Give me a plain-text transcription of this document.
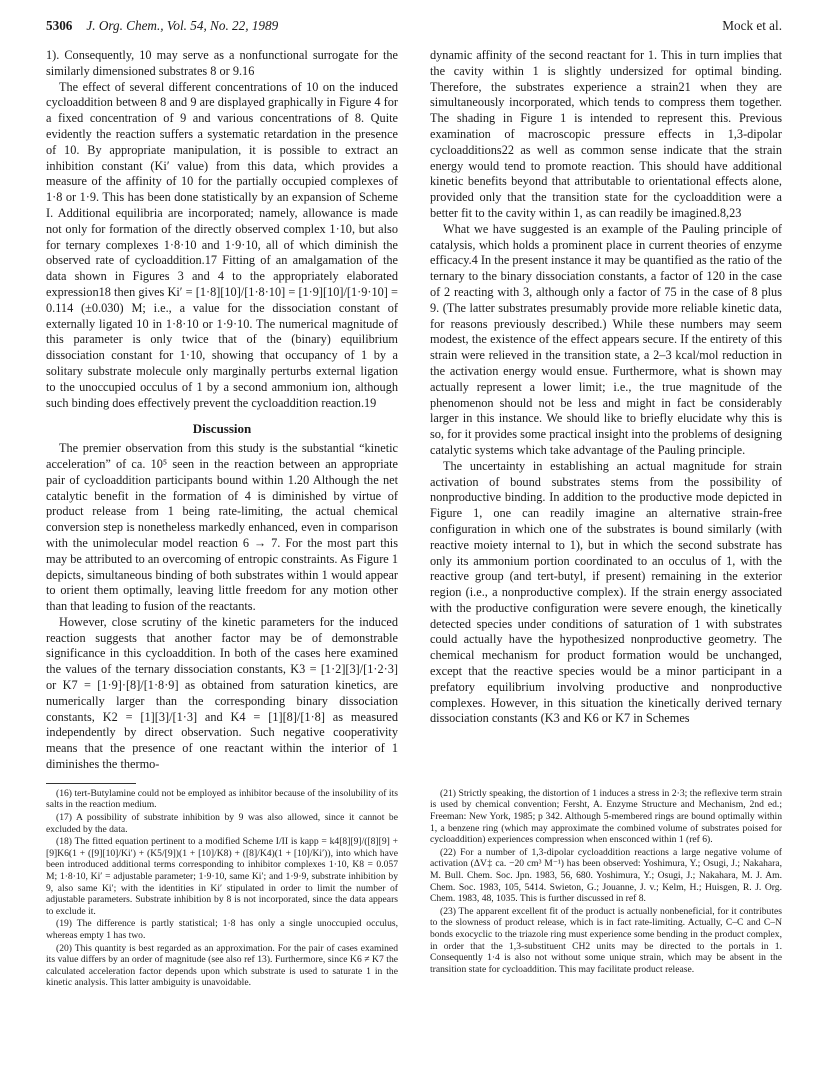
5306 J. Org. Chem., Vol. 54, No. 22, 1989	Mock et al.

1). Consequently, 10 may serve as a nonfunctional surrogate for the similarly dimensioned substrates 8 or 9.16

The effect of several different concentrations of 10 on the induced cycloaddition between 8 and 9 are displayed graphically in Figure 4 for a fixed concentration of 9 and various concentrations of 8. Quite evidently the reaction suffers a systematic retardation in the presence of 10. By appropriate manipulation, it is possible to extract an inhibition constant (Ki′ value) from this data, which provides a measure of the affinity of 10 for the partially occupied complexes of 1·8 or 1·9. This has been done statistically by an expansion of Scheme I. Additional equilibria are incorporated; namely, allowance is made not only for formation of the directly observed complex 1·10, but also for ternary complexes 1·8·10 and 1·9·10, all of which diminish the observed rate of cycloaddition.17 Fitting of an amalgamation of the data shown in Figures 3 and 4 to the appropriately elaborated expression18 then gives Ki′ = [1·8][10]/[1·8·10] = [1·9][10]/[1·9·10] = 0.114 (±0.030) M; i.e., a value for the dissociation constant of externally ligated 10 in 1·8·10 or 1·9·10. The numerical magnitude of this parameter is only twice that of the (binary) equilibrium dissociation constant for 1·10, showing that occupancy of 1 by a solitary substrate molecule only marginally perturbs external ligation to the unoccupied occulus of 1 by a second ammonium ion, although such binding does effectively prevent the cycloaddition reaction.19

Discussion

The premier observation from this study is the substantial “kinetic acceleration” of ca. 10⁵ seen in the reaction between an appropriate pair of cycloaddition participants bound within 1.20 Although the net catalytic benefit in the formation of 4 is diminished by virtue of product release from 1 being rate-limiting, the actual chemical conversion step is nonetheless markedly enhanced, even in comparison with the unimolecular model reaction 6 → 7. For the most part this may be attributed to an overcoming of entropic constraints. As Figure 1 depicts, simultaneous binding of both substrates within 1 would appear to orient them optimally, leaving little freedom for any motion other than that leading to fusion of the reactants.

However, close scrutiny of the kinetic parameters for the induced reaction suggests that another factor may be of demonstrable significance in this cycloaddition. In both of the cases here examined the values of the ternary dissociation constants, K3 = [1·2][3]/[1·2·3] or K7 = [1·9]·[8]/[1·8·9] as obtained from saturation kinetics, are numerically larger than the corresponding binary dissociation constants, K2 = [1][3]/[1·3] and K4 = [1][8]/[1·8] as measured independently by direct observation. Such negative cooperativity means that the presence of one reactant within the interior of 1 diminishes the thermo-

dynamic affinity of the second reactant for 1. This in turn implies that the cavity within 1 is slightly undersized for optimal binding. Therefore, the substrates experience a strain21 when they are simultaneously incorporated, which tends to compress them together. The shading in Figure 1 is intended to represent this. Previous examination of macroscopic pressure effects in 1,3-dipolar cycloadditions22 as well as common sense indicate that the strain energy would tend to promote reaction. This should have additional kinetic benefits beyond that attributable to orientational effects alone, provided only that the transition state for the cycloaddition were a better fit to the cavity within 1, as can readily be imagined.8,23

What we have suggested is an example of the Pauling principle of catalysis, which holds a prominent place in current theories of enzyme efficacy.4 In the present instance it may be quantified as the ratio of the ternary to the binary dissociation constants, a factor of 120 in the case of 2 reacting with 3, although only a factor of 75 in the case of 8 plus 9. (The latter substrates presumably provide more reliable kinetic data, for reasons previously described.) While these numbers may seem modest, the existence of the effect appears secure. If the entirety of this strain were relieved in the transition state, a 2–3 kcal/mol reduction in the activation energy would ensue. Furthermore, what is shown may actually represent a lower limit; i.e., the true magnitude of the phenomenon should not be less and might in fact be considerably larger in this instance. We should like to briefly elucidate why this is so, for it provides some practical insight into the problems of designing catalytic systems which take advantage of the Pauling principle.

The uncertainty in establishing an actual magnitude for strain activation of bound substrates stems from the possibility of nonproductive binding. In addition to the productive mode depicted in Figure 1, one can readily imagine an alternative strain-free configuration in which one of the substrates is bound similarly (with reactive moiety internal to 1), but in which the second substrate has only its ammonium portion coordinated to an occulus of 1, with the reactive group (and tert-butyl, if present) remaining in the exterior region (i.e., a nonproductive complex). If the strain energy associated with the productive configuration were severe enough, the kinetically detected species under conditions of saturation of 1 with substrates could actually have the hypothesized nonproductive geometry. The chemical mechanism for product formation would be unchanged, except that the reactive species would be a minor participant in a prefatory equilibrium involving productive and nonproductive complexes. However, in this situation the kinetically derived ternary dissociation constants (K3 and K6 or K7 in Schemes

(16) tert-Butylamine could not be employed as inhibitor because of the insolubility of its salts in the reaction medium.

(17) A possibility of substrate inhibition by 9 was also allowed, since it cannot be excluded by the data.

(18) The fitted equation pertinent to a modified Scheme I/II is kapp = k4[8][9]/([8][9] + [9]K6(1 + ([9][10]/Ki′) + (K5/[9])(1 + [10]/K8) + ([8]/K4)(1 + [10]/Ki′)), into which have been introduced additional terms corresponding to inhibitor complexes 1·10, K8 = 0.057 M; 1·8·10, Ki′ = adjustable parameter; 1·9·10, same Ki′; and 1·9·9, substrate inhibition by 9, also same Ki′; with the identities in Ki′ stipulated in order to limit the number of adjustable parameters. Substrate inhibition by 8 is not incorporated, since the data appears to exclude it.

(19) The difference is partly statistical; 1·8 has only a single unoccupied occulus, whereas empty 1 has two.

(20) This quantity is best regarded as an approximation. For the pair of cases examined its value differs by an order of magnitude (see also ref 13). Furthermore, since K6 ≠ K7 the calculated acceleration factor depends upon which substrate is used to saturate 1 in the kinetic analysis. This latter ambiguity is unavoidable.

(21) Strictly speaking, the distortion of 1 induces a stress in 2·3; the reflexive term strain is used by chemical convention; Fersht, A. Enzyme Structure and Mechanism, 2nd ed.; Freeman: New York, 1985; p 342. Although 5-membered rings are bound optimally within 1, a benzene ring (which may approximate the combined volume of substrates poised for cycloaddition) experiences compression when ensconced within 1 (ref 6).

(22) For a number of 1,3-dipolar cycloaddition reactions a large negative volume of activation (ΔV‡ ca. −20 cm³ M⁻¹) has been observed: Yoshimura, Y.; Osugi, J.; Nakahara, M. Bull. Chem. Soc. Jpn. 1983, 56, 680. Yoshimura, Y.; Osugi, J.; Nakahara, M. J. Am. Chem. Soc. 1983, 105, 5414. Swieton, G.; Jouanne, J. v.; Kelm, H.; Huisgen, R. J. Org. Chem. 1983, 48, 1035. This is further discussed in ref 8.

(23) The apparent excellent fit of the product is actually nonbeneficial, for it contributes to the slowness of product release, which is in fact rate-limiting. Actually, C–C and C–N bonds exocyclic to the triazole ring must experience some bending in the product complex, in order that the 1,3-substituent CH2 units may be directed to the portals in 1. Consequently 1·4 is also not without some unique strain, which may be absent in the transition state for cycloaddition. This may facilitate product release.
